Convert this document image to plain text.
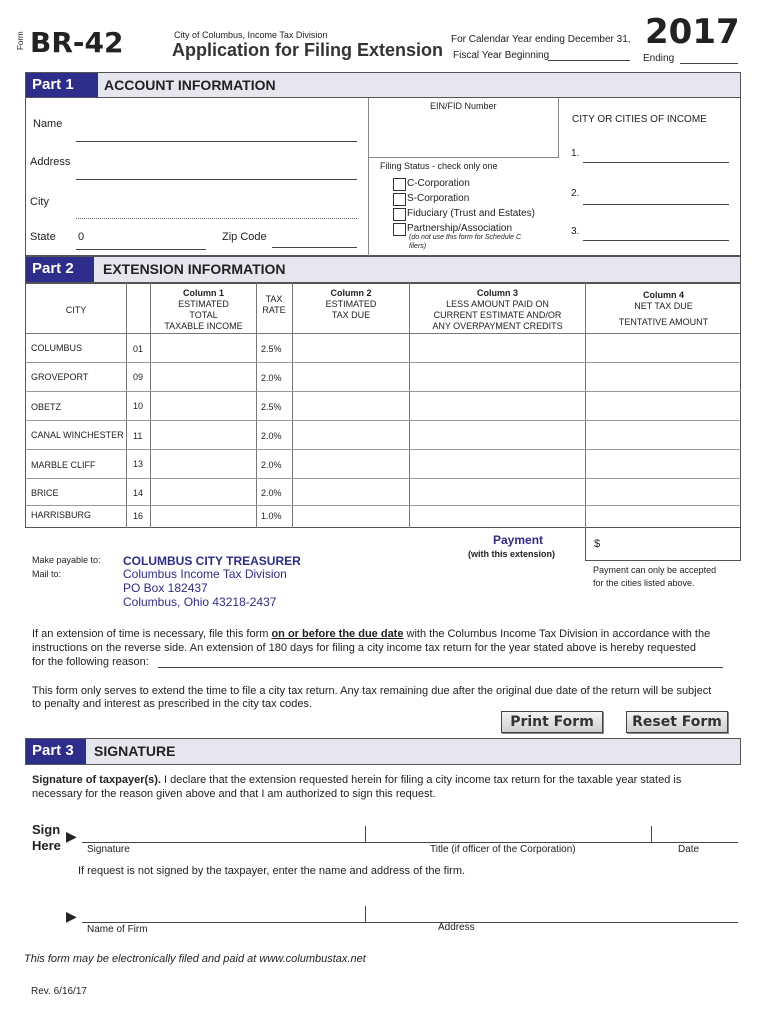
Form BR-42	City of Columbus, Income Tax Division
Application for Filing Extension
For Calendar Year ending December 31, 2017
Fiscal Year Beginning	Ending
Part 1	ACCOUNT INFORMATION
EIN/FID Number
Name
Address
City
State 0	Zip Code
Filing Status - check only one
C-Corporation
S-Corporation
Fiduciary (Trust and Estates)
Partnership/Association
(do not use this form for Schedule C
filers)
CITY OR CITIES OF INCOME
1.
2.
3.
Part 2	EXTENSION INFORMATION
CITY
Column 1
ESTIMATED
TOTAL
TAXABLE INCOME
TAX
RATE
Column 2
ESTIMATED
TAX DUE
Column 3
LESS AMOUNT PAID ON
CURRENT ESTIMATE AND/OR
ANY OVERPAYMENT CREDITS
Column 4
NET TAX DUE
TENTATIVE AMOUNT
COLUMBUS	01	2.5%
GROVEPORT	09	2.0%
OBETZ	10	2.5%
CANAL WINCHESTER 11	2.0%
MARBLE CLIFF	13	2.0%
BRICE	14	2.0%
HARRISBURG	16	1.0%
$
Payment
(with this extension)
Payment can only be accepted
for the cities listed above.
Make payable to:
Mail to:
COLUMBUS CITY TREASURER
Columbus Income Tax Division
PO Box 182437
Columbus, Ohio 43218-2437
If an extension of time is necessary, file this form on or before the due date with the Columbus Income Tax Division in accordance with the
instructions on the reverse side. An extension of 180 days for filing a city income tax return for the year stated above is hereby requested
for the following reason:
This form only serves to extend the time to file a city tax return. Any tax remaining due after the original due date of the return will be subject
to penalty and interest as prescribed in the city tax codes.
Print Form	Reset Form
Part 3	SIGNATURE
Signature of taxpayer(s). I declare that the extension requested herein for filing a city income tax return for the taxable year stated is
necessary for the reason given above and that I am authorized to sign this request.
Sign
Here
▶
Signature	Title (if officer of the Corporation)	Date
If request is not signed by the taxpayer, enter the name and address of the firm.
▶
Name of Firm	Address
This form may be electronically filed and paid at www.columbustax.net
Rev. 6/16/17
